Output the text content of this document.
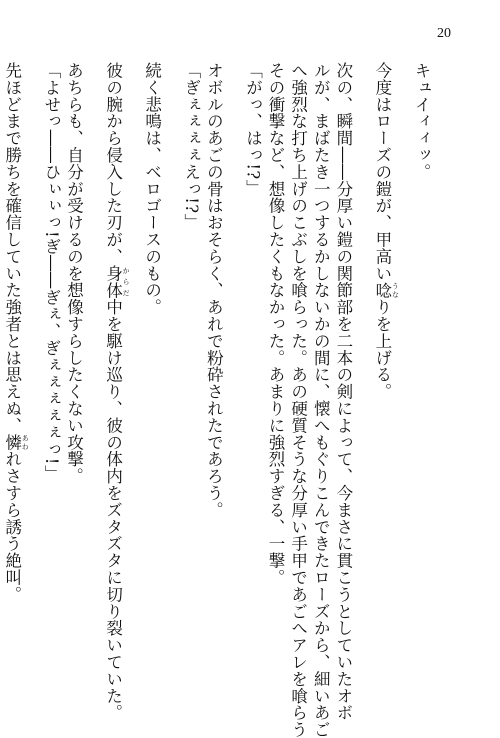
20

キュイィィッ。

今度はローズの鎧が、甲高い唸 うなりを上げる。

次の、瞬間――分厚い鎧の関節部を二本の剣によって、今まさに貫こうとしていたオボ

ルが、まばたき一つするかしないかの間に、懐へもぐりこんできたローズから、細いあご

へ強烈な打ち上げのこぶしを喰らった。あの硬質そうな分厚い手甲であごへアレを喰らう

その衝撃など、想像したくもなかった。あまりに強烈すぎる、一撃。

「がっ、はっ!?」

オボルのあごの骨はおそらく、あれで粉砕されたであろう。

「ぎぇぇぇぇえっ!?」

続く悲鳴は、ベロゴースのもの。

彼の腕から侵入した刃が、身体 からだ中を駆け巡り、彼の体内をズタズタに切り裂いていた。

あちらも、自分が受けるのを想像すらしたくない攻撃。

「よせっ――ひぃぃっ!ぎ――ぎぇ、ぎぇぇぇぇぇっ!」

先ほどまで勝ちを確信していた強者とは思えぬ、憐 あわれさすら誘う絶叫。
